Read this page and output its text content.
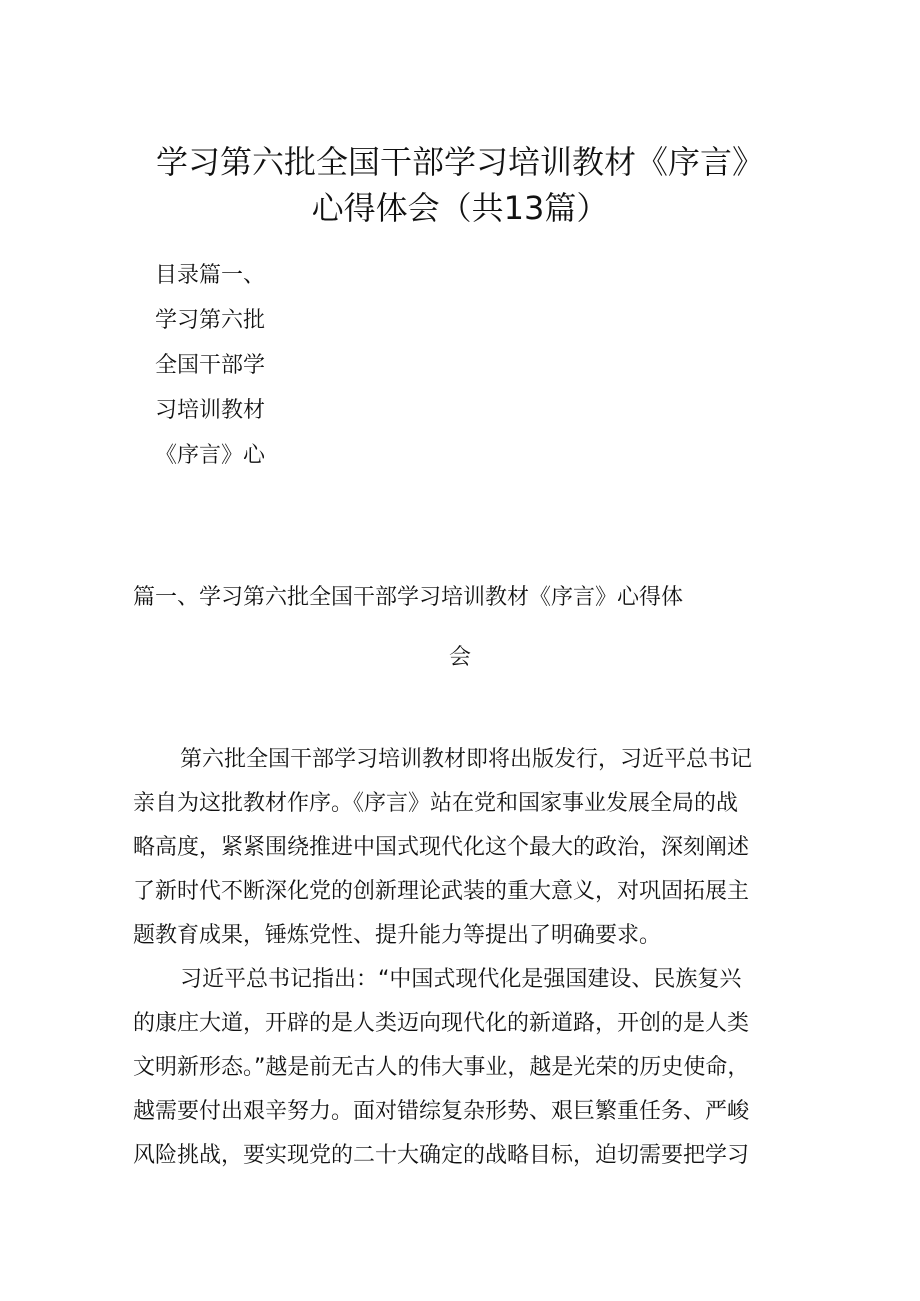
学习第六批全国干部学习培训教材《序言》
心得体会（共13篇）
目录篇一、
学习第六批
全国干部学
习培训教材
《序言》心
篇一、学习第六批全国干部学习培训教材《序言》心得体
会
第六批全国干部学习培训教材即将出版发行，习近平总书记
亲自为这批教材作序。《序言》站在党和国家事业发展全局的战
略高度，紧紧围绕推进中国式现代化这个最大的政治，深刻阐述
了新时代不断深化党的创新理论武装的重大意义，对巩固拓展主
题教育成果，锤炼党性、提升能力等提出了明确要求。
习近平总书记指出：“中国式现代化是强国建设、民族复兴
的康庄大道，开辟的是人类迈向现代化的新道路，开创的是人类
文明新形态。”越是前无古人的伟大事业，越是光荣的历史使命，
越需要付出艰辛努力。面对错综复杂形势、艰巨繁重任务、严峻
风险挑战，要实现党的二十大确定的战略目标，迫切需要把学习
